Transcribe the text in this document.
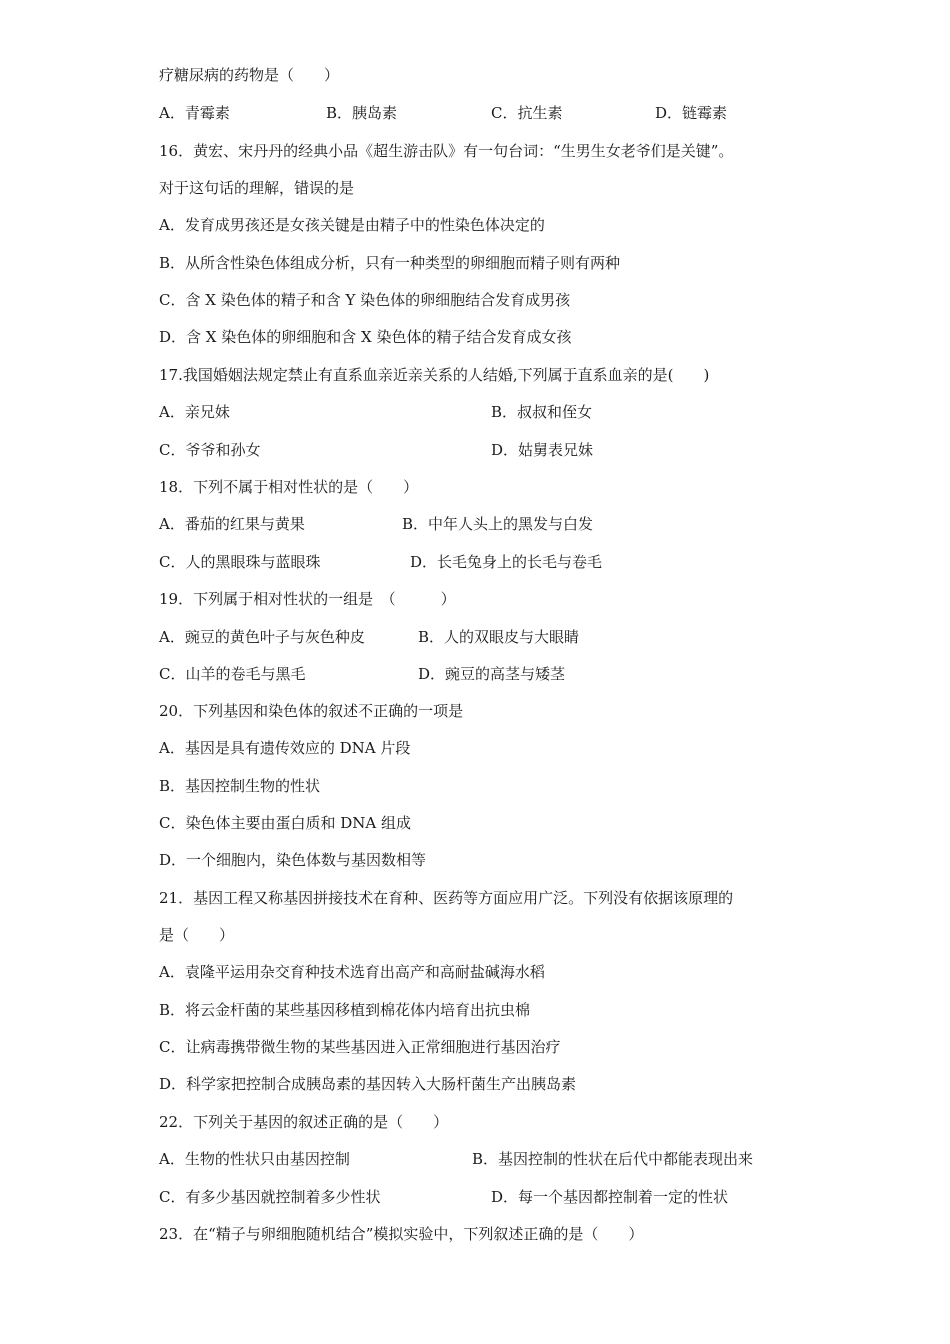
疗糖尿病的药物是（　　）
A．青霉素	B．胰岛素	C．抗生素	D．链霉素
16．黄宏、宋丹丹的经典小品《超生游击队》有一句台词：“生男生女老爷们是关键”。
对于这句话的理解，错误的是
A．发育成男孩还是女孩关键是由精子中的性染色体决定的
B．从所含性染色体组成分析，只有一种类型的卵细胞而精子则有两种
C．含 X 染色体的精子和含 Y 染色体的卵细胞结合发育成男孩
D．含 X 染色体的卵细胞和含 X 染色体的精子结合发育成女孩
17.我国婚姻法规定禁止有直系血亲近亲关系的人结婚,下列属于直系血亲的是(　　)
A．亲兄妹	B．叔叔和侄女
C．爷爷和孙女	D．姑舅表兄妹
18．下列不属于相对性状的是（　　）
A．番茄的红果与黄果	B．中年人头上的黑发与白发
C．人的黑眼珠与蓝眼珠	D．长毛兔身上的长毛与卷毛
19．下列属于相对性状的一组是　（　　　）
A．豌豆的黄色叶子与灰色种皮	B．人的双眼皮与大眼睛
C．山羊的卷毛与黑毛	D．豌豆的高茎与矮茎
20．下列基因和染色体的叙述不正确的一项是
A．基因是具有遗传效应的 DNA 片段
B．基因控制生物的性状
C．染色体主要由蛋白质和 DNA 组成
D．一个细胞内，染色体数与基因数相等
21．基因工程又称基因拼接技术在育种、医药等方面应用广泛。下列没有依据该原理的
是（　　）
A．袁隆平运用杂交育种技术选育出高产和高耐盐碱海水稻
B．将云金杆菌的某些基因移植到棉花体内培育出抗虫棉
C．让病毒携带微生物的某些基因进入正常细胞进行基因治疗
D．科学家把控制合成胰岛素的基因转入大肠杆菌生产出胰岛素
22．下列关于基因的叙述正确的是（　　）
A．生物的性状只由基因控制	B．基因控制的性状在后代中都能表现出来
C．有多少基因就控制着多少性状	D．每一个基因都控制着一定的性状
23．在“精子与卵细胞随机结合”模拟实验中，下列叙述正确的是（　　）
